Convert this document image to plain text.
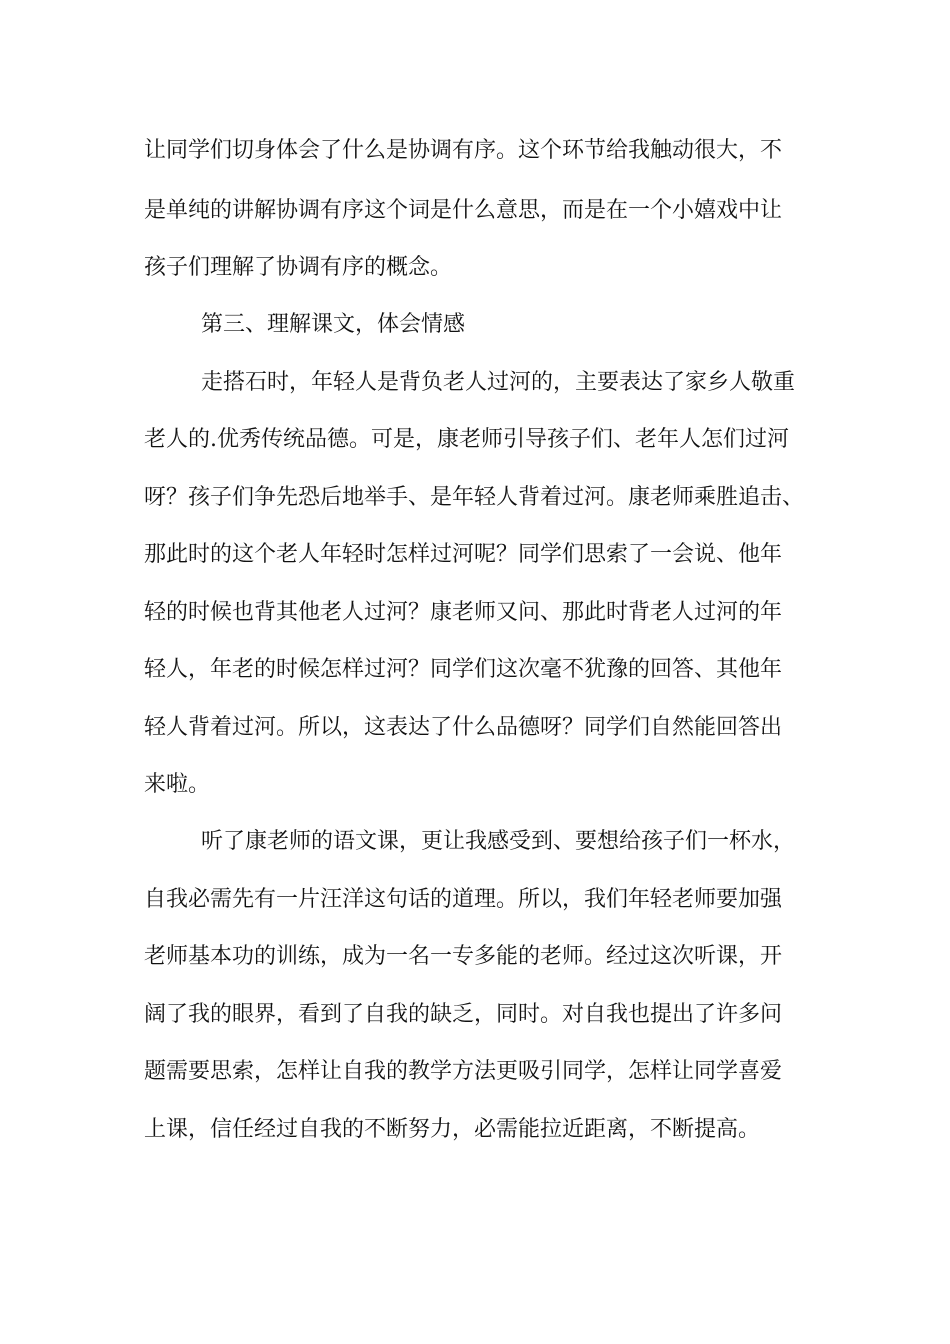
让同学们切身体会了什么是协调有序。这个环节给我触动很大，不
是单纯的讲解协调有序这个词是什么意思，而是在一个小嬉戏中让
孩子们理解了协调有序的概念。
第三、理解课文，体会情感
走搭石时，年轻人是背负老人过河的，主要表达了家乡人敬重
老人的.优秀传统品德。可是，康老师引导孩子们、老年人怎们过河
呀？孩子们争先恐后地举手、是年轻人背着过河。康老师乘胜追击、
那此时的这个老人年轻时怎样过河呢？同学们思索了一会说、他年
轻的时候也背其他老人过河？康老师又问、那此时背老人过河的年
轻人，年老的时候怎样过河？同学们这次毫不犹豫的回答、其他年
轻人背着过河。所以，这表达了什么品德呀？同学们自然能回答出
来啦。
听了康老师的语文课，更让我感受到、要想给孩子们一杯水，
自我必需先有一片汪洋这句话的道理。所以，我们年轻老师要加强
老师基本功的训练，成为一名一专多能的老师。经过这次听课，开
阔了我的眼界，看到了自我的缺乏，同时。对自我也提出了许多问
题需要思索，怎样让自我的教学方法更吸引同学，怎样让同学喜爱
上课，信任经过自我的不断努力，必需能拉近距离，不断提高。
